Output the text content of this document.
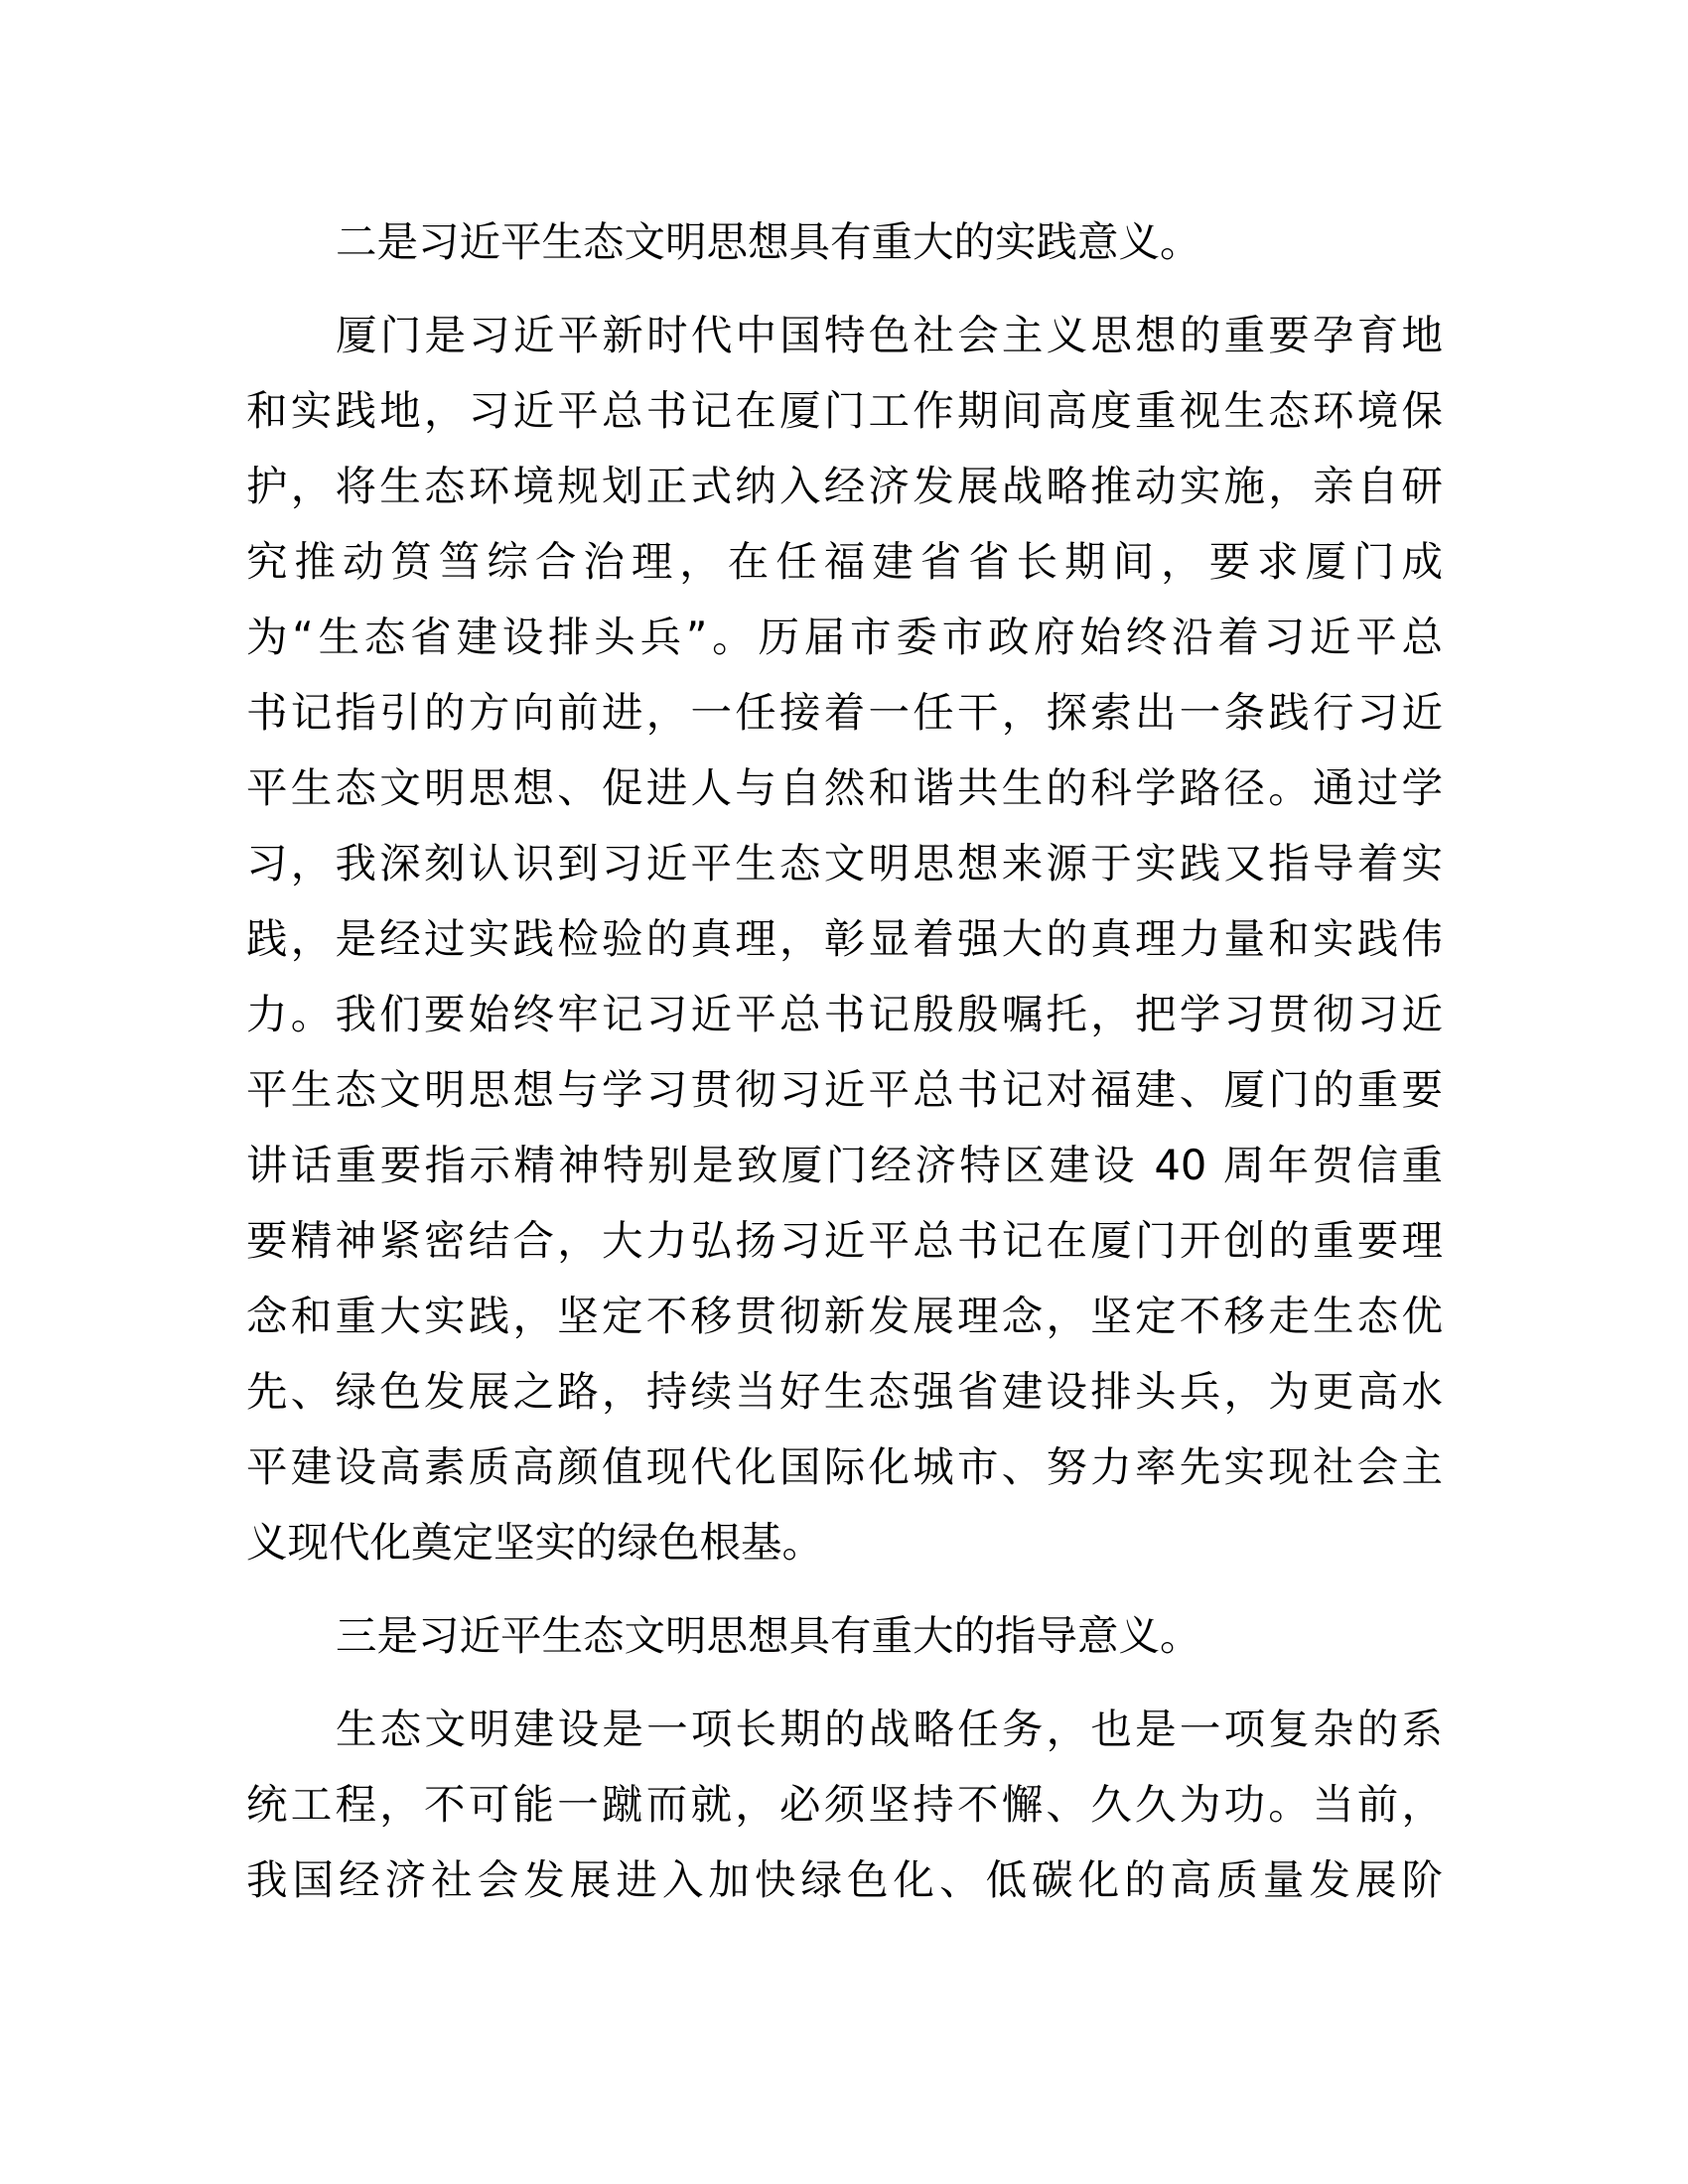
二是习近平生态文明思想具有重大的实践意义。
厦门是习近平新时代中国特色社会主义思想的重要孕育地
和实践地，习近平总书记在厦门工作期间高度重视生态环境保
护，将生态环境规划正式纳入经济发展战略推动实施，亲自研
究推动筼筜综合治理，在任福建省省长期间，要求厦门成
为“生态省建设排头兵”。历届市委市政府始终沿着习近平总
书记指引的方向前进，一任接着一任干，探索出一条践行习近
平生态文明思想、促进人与自然和谐共生的科学路径。通过学
习，我深刻认识到习近平生态文明思想来源于实践又指导着实
践，是经过实践检验的真理，彰显着强大的真理力量和实践伟
力。我们要始终牢记习近平总书记殷殷嘱托，把学习贯彻习近
平生态文明思想与学习贯彻习近平总书记对福建、厦门的重要
讲话重要指示精神特别是致厦门经济特区建设 40 周年贺信重
要精神紧密结合，大力弘扬习近平总书记在厦门开创的重要理
念和重大实践，坚定不移贯彻新发展理念，坚定不移走生态优
先、绿色发展之路，持续当好生态强省建设排头兵，为更高水
平建设高素质高颜值现代化国际化城市、努力率先实现社会主
义现代化奠定坚实的绿色根基。
三是习近平生态文明思想具有重大的指导意义。
生态文明建设是一项长期的战略任务，也是一项复杂的系
统工程，不可能一蹴而就，必须坚持不懈、久久为功。当前，
我国经济社会发展进入加快绿色化、低碳化的高质量发展阶
